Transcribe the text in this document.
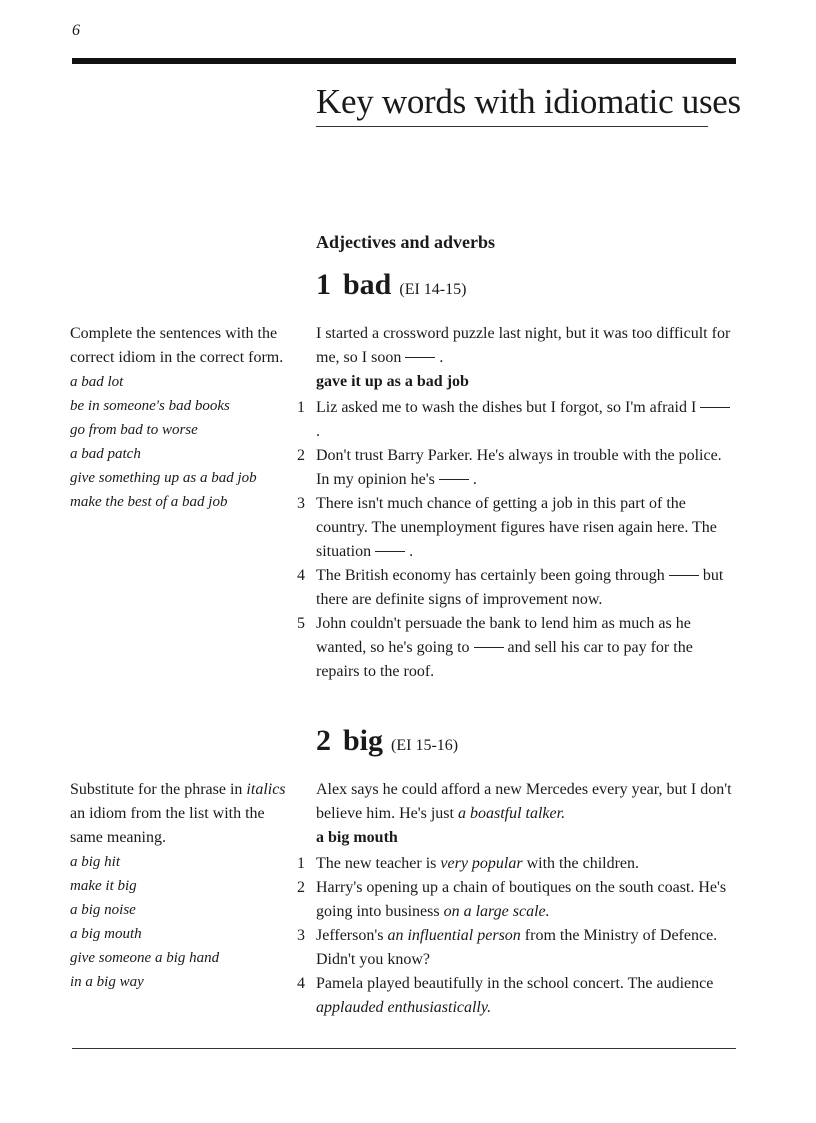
6
Key words with idiomatic uses
Adjectives and adverbs
1 bad (EI 14-15)

Complete the sentences with the correct idiom in the correct form.

a bad lot
be in someone's bad books
go from bad to worse
a bad patch
give something up as a bad job
make the best of a bad job

I started a crossword puzzle last night, but it was too difficult for me, so I soon .

gave it up as a bad job

1 Liz asked me to wash the dishes but I forgot, so I'm afraid I.
2 Don't trust Barry Parker. He's always in trouble with the police. In my opinion he's .
3 There isn't much chance of getting a job in this part of the country. The unemployment figures have risen again here. The situation .
4 The British economy has certainly been going through but there are definite signs of improvement now.
5 John couldn't persuade the bank to lend him as much as he wanted, so he's going to and sell his car to pay for the repairs to the roof.
2 big (EI 15-16)

Substitute for the phrase in italics an idiom from the list with the same meaning.

a big hit
make it big
a big noise
a big mouth
give someone a big hand
in a big way

Alex says he could afford a new Mercedes every year, but I don't believe him. He's just a boastful talker.

a big mouth

1 The new teacher is very popular with the children.
2 Harry's opening up a chain of boutiques on the south coast. He's going into business on a large scale.
3 Jefferson's an influential person from the Ministry of Defence. Didn't you know?
4 Pamela played beautifully in the school concert. The audience applauded enthusiastically.
